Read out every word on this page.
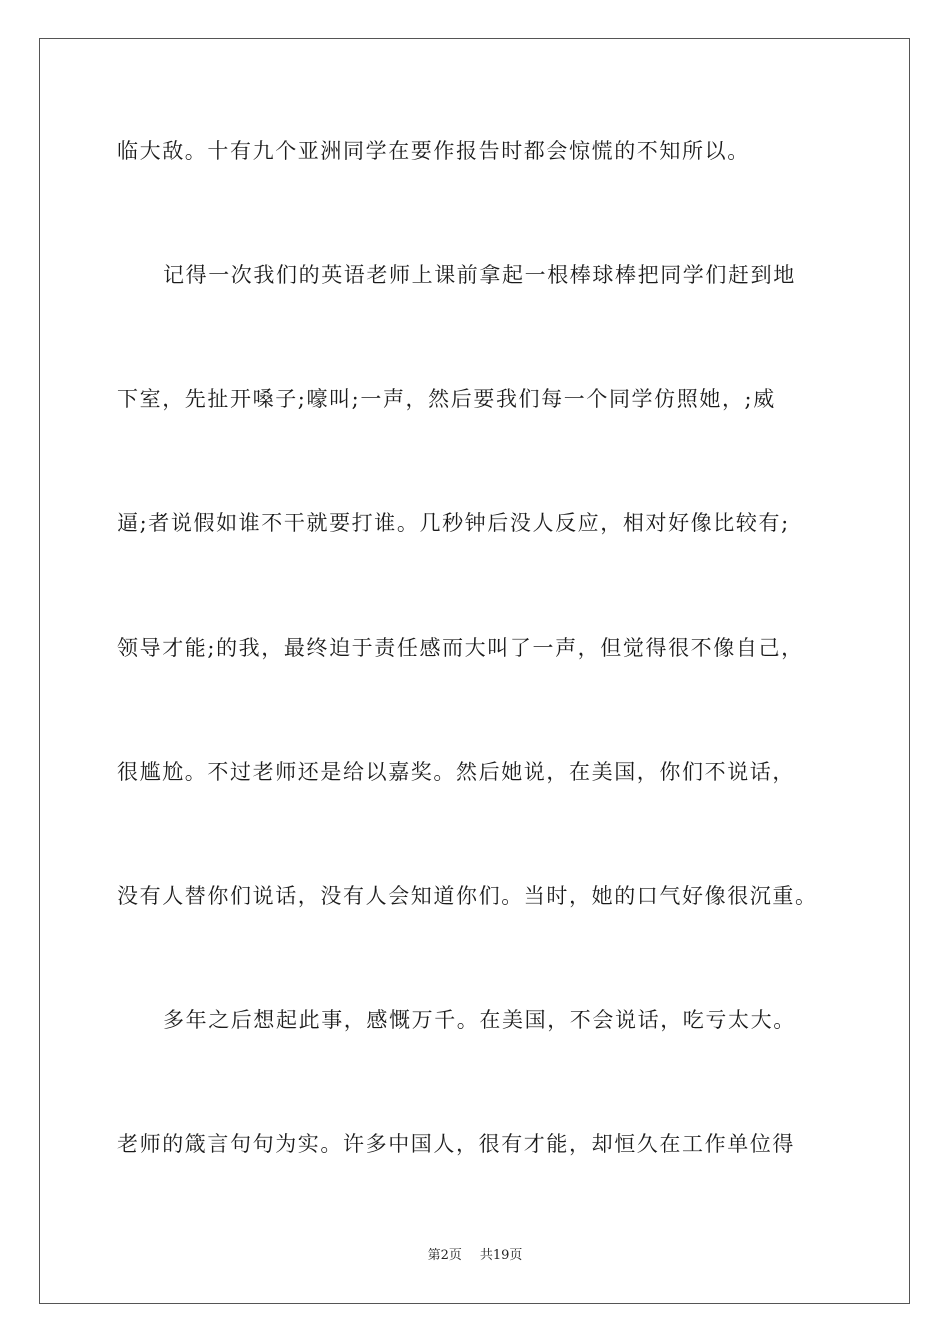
临大敌。十有九个亚洲同学在要作报告时都会惊慌的不知所以。
记得一次我们的英语老师上课前拿起一根棒球棒把同学们赶到地
下室，先扯开嗓子;嚎叫;一声，然后要我们每一个同学仿照她，;威
逼;者说假如谁不干就要打谁。几秒钟后没人反应，相对好像比较有;
领导才能;的我，最终迫于责任感而大叫了一声，但觉得很不像自己，
很尴尬。不过老师还是给以嘉奖。然后她说，在美国，你们不说话，
没有人替你们说话，没有人会知道你们。当时，她的口气好像很沉重。
多年之后想起此事，感慨万千。在美国，不会说话，吃亏太大。
老师的箴言句句为实。许多中国人，很有才能，却恒久在工作单位得
第2页 共19页
